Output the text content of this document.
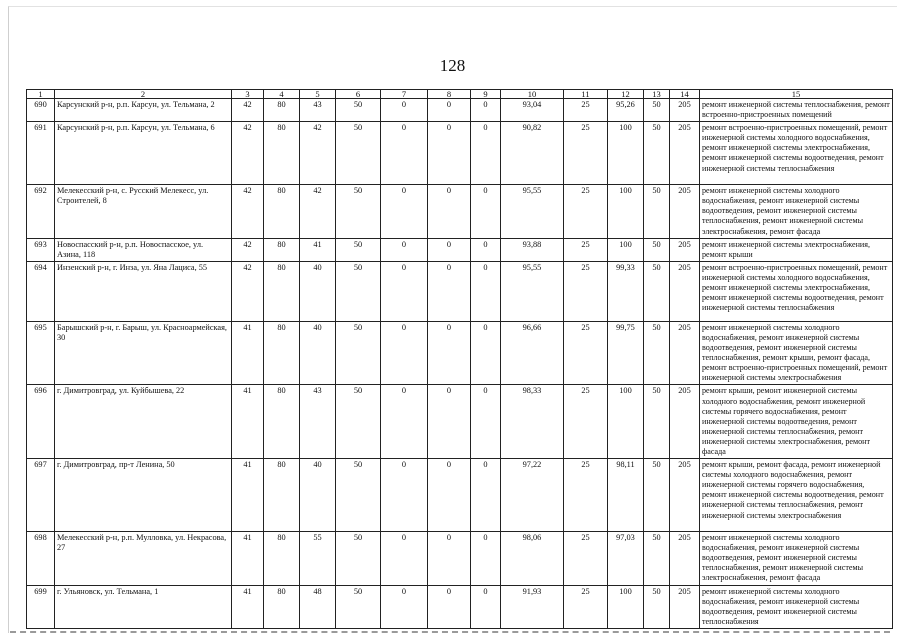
128
1	2	3	4	5	6	7	8	9	10	11	12	13	14	15
690	Карсунский р-н, р.п. Карсун, ул. Тельмана, 2	42	80	43	50	0	0	0	93,04	25	95,26	50	205	ремонт инженерной системы теплоснабжения, ремонт встроенно-пристроенных помещений
691	Карсунский р-н, р.п. Карсун, ул. Тельмана, 6	42	80	42	50	0	0	0	90,82	25	100	50	205	ремонт встроенно-пристроенных помещений, ремонт инженерной системы холодного водоснабжения, ремонт инженерной системы электроснабжения, ремонт инженерной системы водоотведения, ремонт инженерной системы теплоснабжения
692	Мелекесский р-н, с. Русский Мелекесс, ул. Строителей, 8	42	80	42	50	0	0	0	95,55	25	100	50	205	ремонт инженерной системы холодного водоснабжения, ремонт инженерной системы водоотведения, ремонт инженерной системы теплоснабжения, ремонт инженерной системы электроснабжения, ремонт фасада
693	Новоспасский р-н, р.п. Новоспасское, ул. Азина, 118	42	80	41	50	0	0	0	93,88	25	100	50	205	ремонт инженерной системы электроснабжения, ремонт крыши
694	Инзенский р-н, г. Инза, ул. Яна Лациса, 55	42	80	40	50	0	0	0	95,55	25	99,33	50	205	ремонт встроенно-пристроенных помещений, ремонт инженерной системы холодного водоснабжения, ремонт инженерной системы электроснабжения, ремонт инженерной системы водоотведения, ремонт инженерной системы теплоснабжения
695	Барышский р-н, г. Барыш, ул. Красноармейская, 30	41	80	40	50	0	0	0	96,66	25	99,75	50	205	ремонт инженерной системы холодного водоснабжения, ремонт инженерной системы водоотведения, ремонт инженерной системы теплоснабжения, ремонт крыши, ремонт фасада, ремонт встроенно-пристроенных помещений, ремонт инженерной системы электроснабжения
696	г. Димитровград, ул. Куйбышева, 22	41	80	43	50	0	0	0	98,33	25	100	50	205	ремонт крыши, ремонт инженерной системы холодного водоснабжения, ремонт инженерной системы горячего водоснабжения, ремонт инженерной системы водоотведения, ремонт инженерной системы теплоснабжения, ремонт инженерной системы электроснабжения, ремонт фасада
697	г. Димитровград, пр-т Ленина, 50	41	80	40	50	0	0	0	97,22	25	98,11	50	205	ремонт крыши, ремонт фасада, ремонт инженерной системы холодного водоснабжения, ремонт инженерной системы горячего водоснабжения, ремонт инженерной системы водоотведения, ремонт инженерной системы теплоснабжения, ремонт инженерной системы электроснабжения
698	Мелекесский р-н, р.п. Мулловка, ул. Некрасова, 27	41	80	55	50	0	0	0	98,06	25	97,03	50	205	ремонт инженерной системы холодного водоснабжения, ремонт инженерной системы водоотведения, ремонт инженерной системы теплоснабжения, ремонт инженерной системы электроснабжения, ремонт фасада
699	г. Ульяновск, ул. Тельмана, 1	41	80	48	50	0	0	0	91,93	25	100	50	205	ремонт инженерной системы холодного водоснабжения, ремонт инженерной системы водоотведения, ремонт инженерной системы теплоснабжения
